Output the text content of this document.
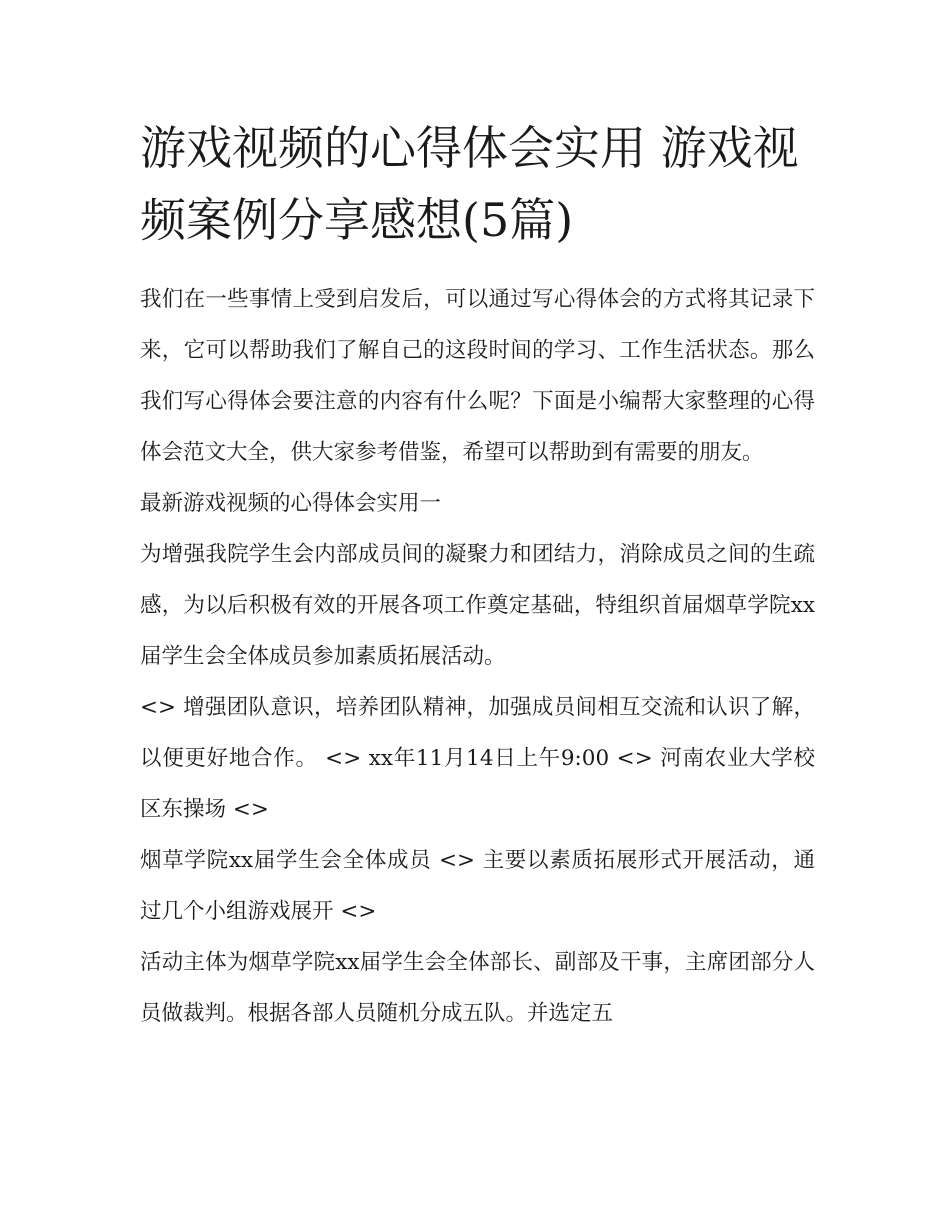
游戏视频的心得体会实用 游戏视频案例分享感想(5篇)

我们在一些事情上受到启发后，可以通过写心得体会的方式将其记录下来，它可以帮助我们了解自己的这段时间的学习、工作生活状态。那么我们写心得体会要注意的内容有什么呢？下面是小编帮大家整理的心得体会范文大全，供大家参考借鉴，希望可以帮助到有需要的朋友。

最新游戏视频的心得体会实用一

为增强我院学生会内部成员间的凝聚力和团结力，消除成员之间的生疏感，为以后积极有效的开展各项工作奠定基础，特组织首届烟草学院xx届学生会全体成员参加素质拓展活动。

<> 增强团队意识，培养团队精神，加强成员间相互交流和认识了解，以便更好地合作。 <> xx年11月14日上午9:00 <> 河南农业大学校区东操场 <>

烟草学院xx届学生会全体成员 <> 主要以素质拓展形式开展活动，通过几个小组游戏展开 <>

活动主体为烟草学院xx届学生会全体部长、副部及干事，主席团部分人员做裁判。根据各部人员随机分成五队。并选定五
